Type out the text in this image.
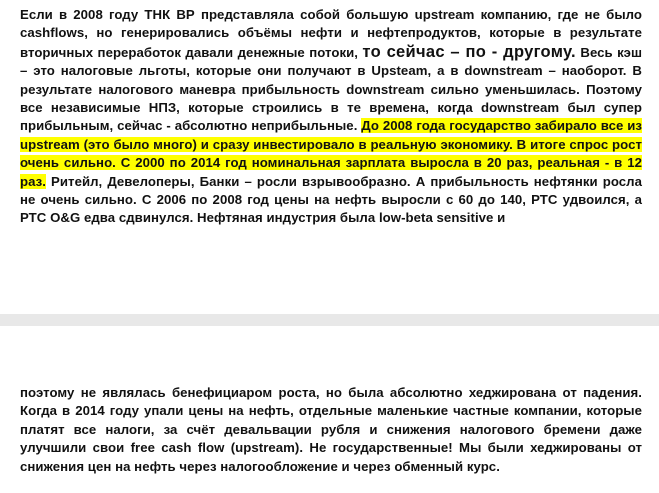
Если в 2008 году ТНК ВР представляла собой большую upstream компанию, где не было cashflows, но генерировались объёмы нефти и нефтепродуктов, которые в результате вторичных переработок давали денежные потоки, то сейчас – по - другому. Весь кэш – это налоговые льготы, которые они получают в Upsteam, а в downstream – наоборот. В результате налогового маневра прибыльность downstream сильно уменьшилась. Поэтому все независимые НПЗ, которые строились в те времена, когда downstream был супер прибыльным, сейчас - абсолютно неприбыльные. До 2008 года государство забирало все из upstream (это было много) и сразу инвестировало в реальную экономику. В итоге спрос рост очень сильно. С 2000 по 2014 год номинальная зарплата выросла в 20 раз, реальная - в 12 раз. Ритейл, Девелоперы, Банки – росли взрывообразно. А прибыльность нефтянки росла не очень сильно. С 2006 по 2008 год цены на нефть выросли с 60 до 140, РТС удвоился, а РТС O&G едва сдвинулся. Нефтяная индустрия была low-beta sensitive и

поэтому не являлась бенефициаром роста, но была абсолютно хеджирована от падения. Когда в 2014 году упали цены на нефть, отдельные маленькие частные компании, которые платят все налоги, за счёт девальвации рубля и снижения налогового бремени даже улучшили свои free cash flow (upstream). Не государственные! Мы были хеджированы от снижения цен на нефть через налогообложение и через обменный курс.
